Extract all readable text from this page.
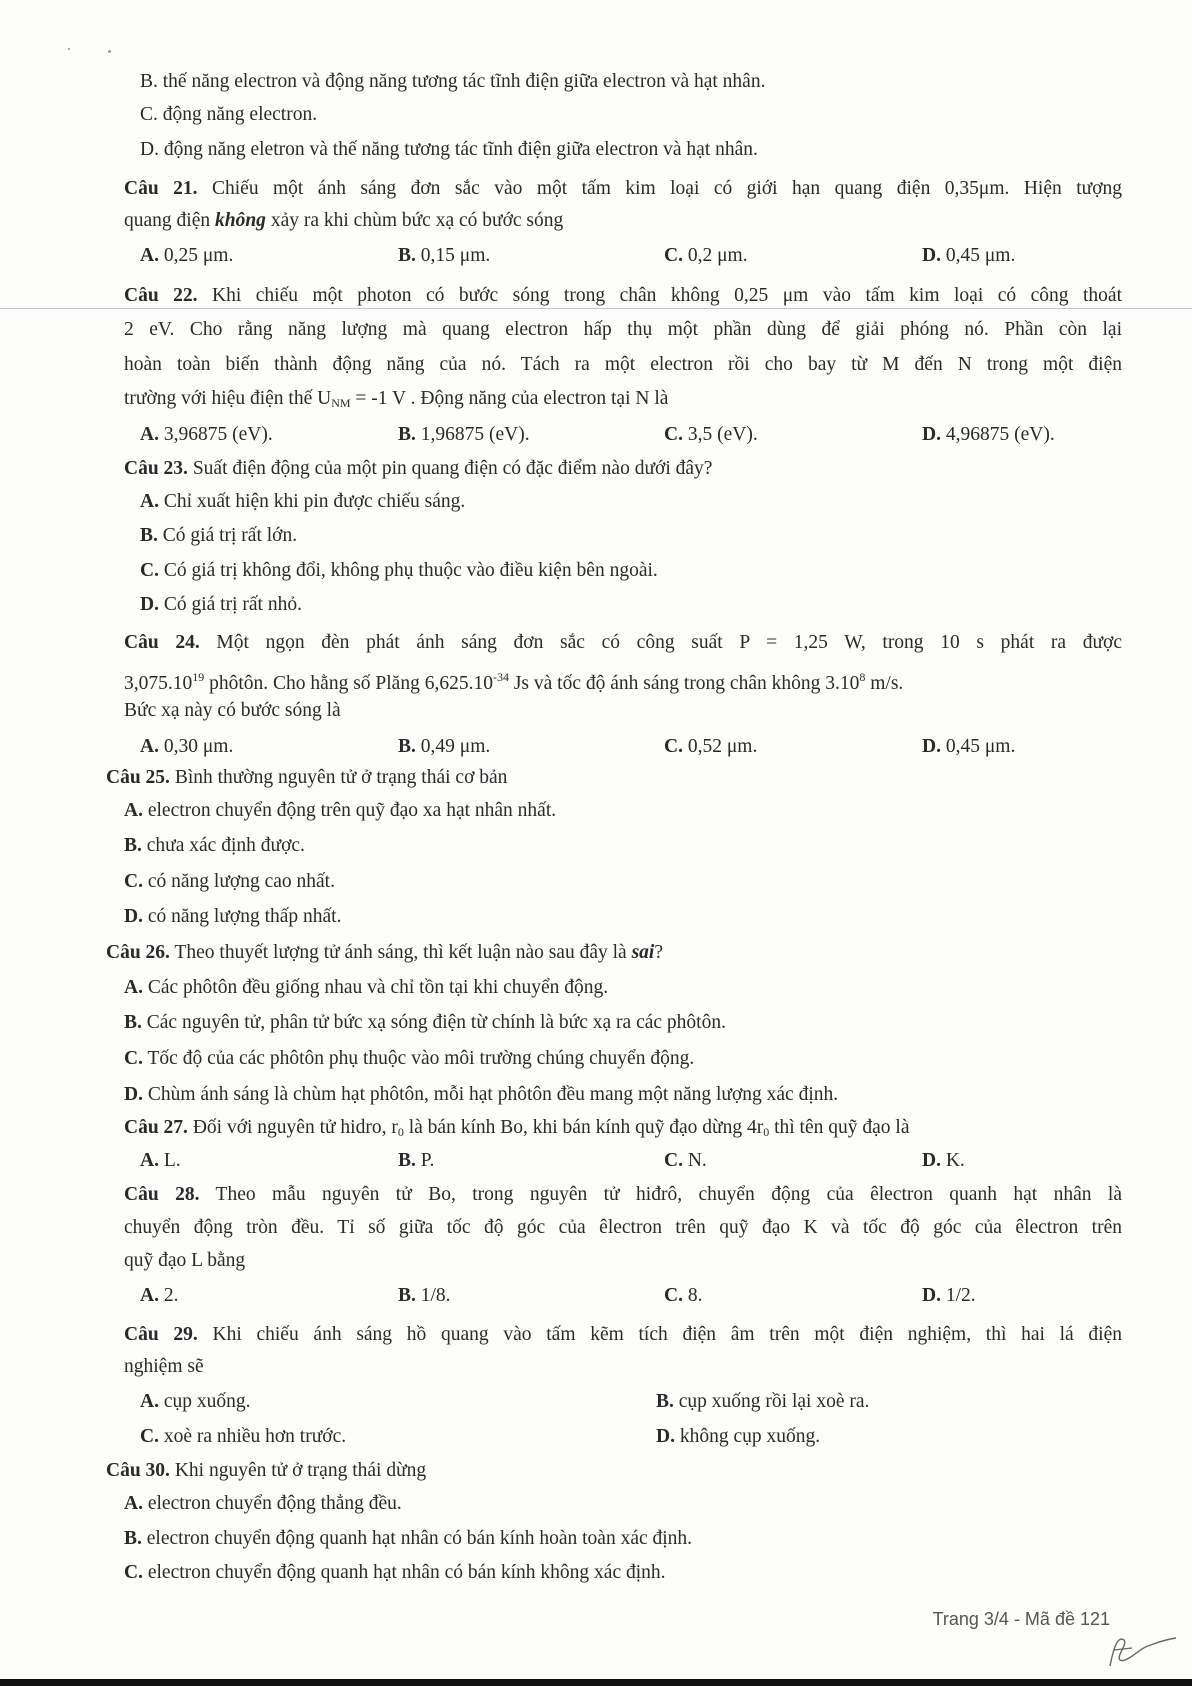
B. thế năng electron và động năng tương tác tĩnh điện giữa electron và hạt nhân.
C. động năng electron.
D. động năng eletron và thế năng tương tác tĩnh điện giữa electron và hạt nhân.
Câu 21. Chiếu một ánh sáng đơn sắc vào một tấm kim loại có giới hạn quang điện 0,35μm. Hiện tượng
quang điện không xảy ra khi chùm bức xạ có bước sóng
A. 0,25 μm.	B. 0,15 μm.	C. 0,2 μm.	D. 0,45 μm.
Câu 22. Khi chiếu một photon có bước sóng trong chân không 0,25 μm vào tấm kim loại có công thoát
2 eV. Cho rằng năng lượng mà quang electron hấp thụ một phần dùng để giải phóng nó. Phần còn lại
hoàn toàn biến thành động năng của nó. Tách ra một electron rồi cho bay từ M đến N trong một điện
trường với hiệu điện thế $U_{NM} = -1$ V . Động năng của electron tại N là
A. 3,96875 (eV).	B. 1,96875 (eV).	C. 3,5 (eV).	D. 4,96875 (eV).
Câu 23. Suất điện động của một pin quang điện có đặc điểm nào dưới đây?
A. Chỉ xuất hiện khi pin được chiếu sáng.
B. Có giá trị rất lớn.
C. Có giá trị không đổi, không phụ thuộc vào điều kiện bên ngoài.
D. Có giá trị rất nhỏ.
Câu 24. Một ngọn đèn phát ánh sáng đơn sắc có công suất P = 1,25 W, trong 10 s phát ra được
3,075.10$^{19}$ phôtôn. Cho hằng số Plăng $6,625.10^{-34}$ Js và tốc độ ánh sáng trong chân không 3.10$^8$ m/s.
Bức xạ này có bước sóng là
A. 0,30 μm.	B. 0,49 μm.	C. 0,52 μm.	D. 0,45 μm.
Câu 25. Bình thường nguyên tử ở trạng thái cơ bản
A. electron chuyển động trên quỹ đạo xa hạt nhân nhất.
B. chưa xác định được.
C. có năng lượng cao nhất.
D. có năng lượng thấp nhất.
Câu 26. Theo thuyết lượng tử ánh sáng, thì kết luận nào sau đây là sai?
A. Các phôtôn đều giống nhau và chỉ tồn tại khi chuyển động.
B. Các nguyên tử, phân tử bức xạ sóng điện từ chính là bức xạ ra các phôtôn.
C. Tốc độ của các phôtôn phụ thuộc vào môi trường chúng chuyển động.
D. Chùm ánh sáng là chùm hạt phôtôn, mỗi hạt phôtôn đều mang một năng lượng xác định.
Câu 27. Đối với nguyên tử hidro, $r_0$ là bán kính Bo, khi bán kính quỹ đạo dừng $4r_0$ thì tên quỹ đạo là
A. L.	B. P.	C. N.	D. K.
Câu 28. Theo mẫu nguyên tử Bo, trong nguyên tử hiđrô, chuyển động của êlectron quanh hạt nhân là
chuyển động tròn đều. Tỉ số giữa tốc độ góc của êlectron trên quỹ đạo K và tốc độ góc của êlectron trên
quỹ đạo L bằng
A. 2.	B. 1/8.	C. 8.	D. 1/2.
Câu 29. Khi chiếu ánh sáng hồ quang vào tấm kẽm tích điện âm trên một điện nghiệm, thì hai lá điện
nghiệm sẽ
A. cụp xuống.	B. cụp xuống rồi lại xoè ra.
C. xoè ra nhiều hơn trước.	D. không cụp xuống.
Câu 30. Khi nguyên tử ở trạng thái dừng
A. electron chuyển động thẳng đều.
B. electron chuyển động quanh hạt nhân có bán kính hoàn toàn xác định.
C. electron chuyển động quanh hạt nhân có bán kính không xác định.
Trang 3/4 - Mã đề 121
